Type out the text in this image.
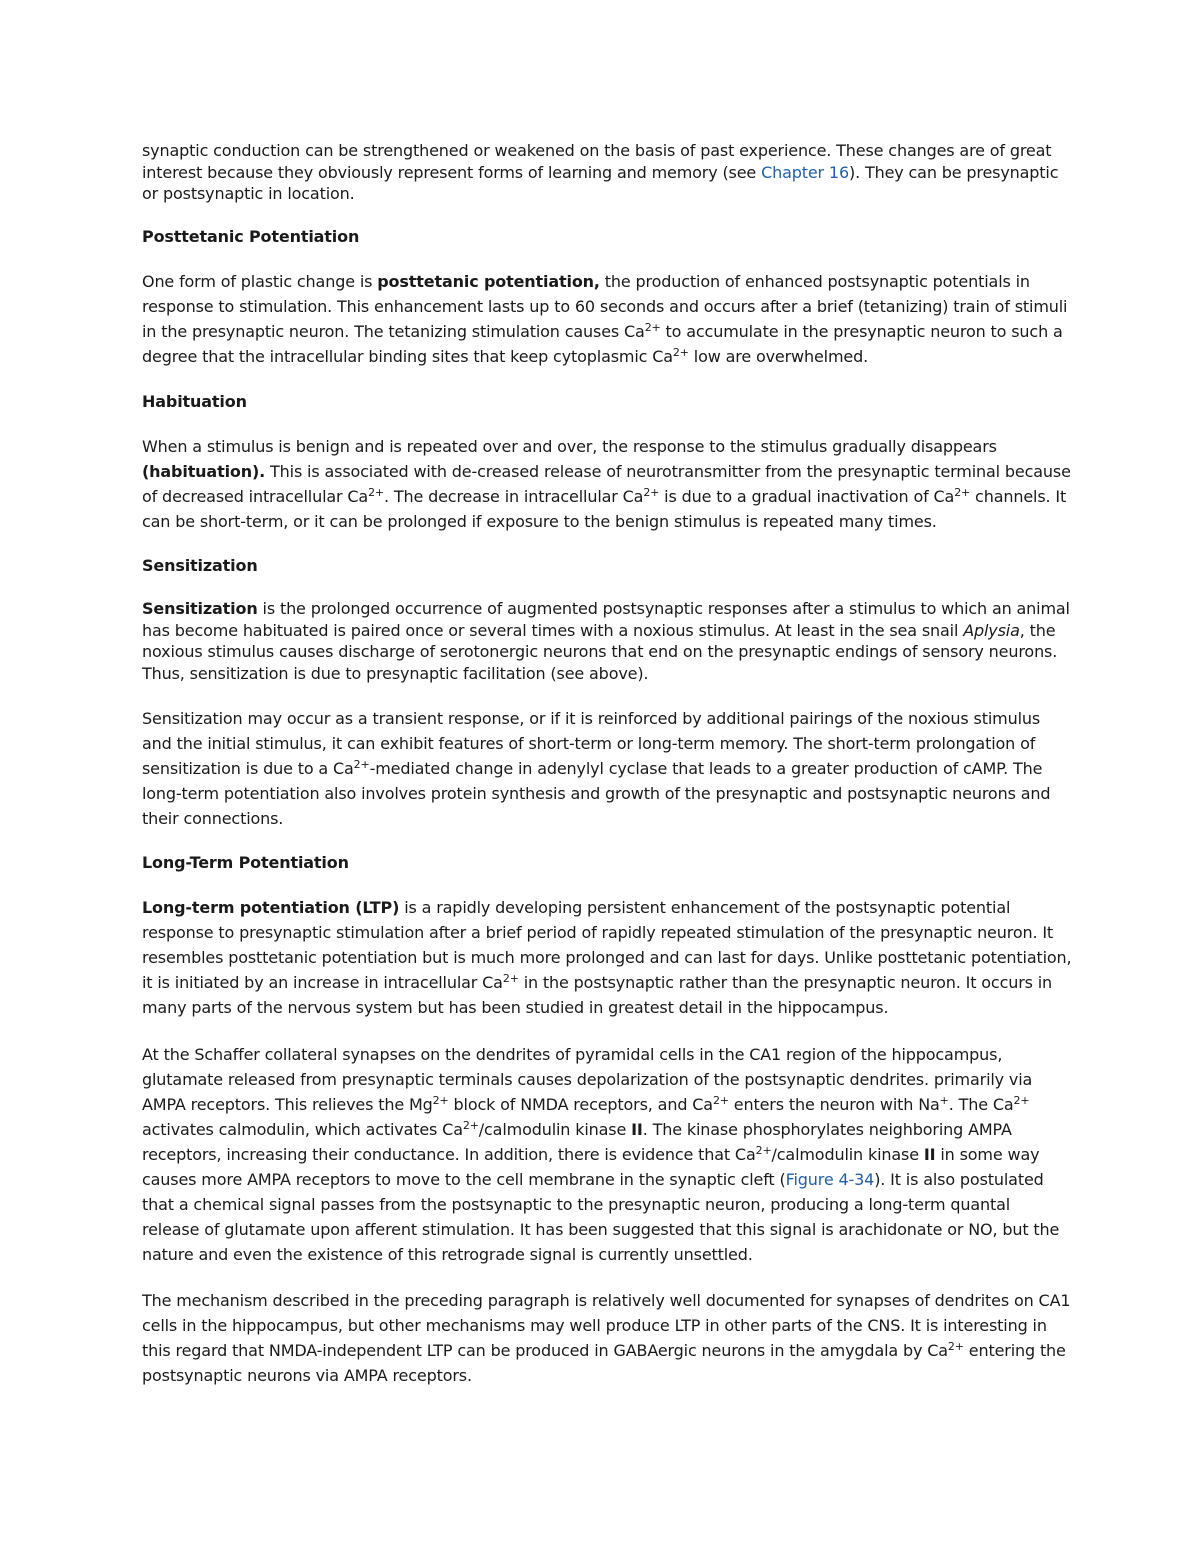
synaptic conduction can be strengthened or weakened on the basis of past experience. These changes are of great interest because they obviously represent forms of learning and memory (see Chapter 16). They can be presynaptic or postsynaptic in location.

Posttetanic Potentiation

One form of plastic change is posttetanic potentiation, the production of enhanced postsynaptic potentials in response to stimulation. This enhancement lasts up to 60 seconds and occurs after a brief (tetanizing) train of stimuli in the presynaptic neuron. The tetanizing stimulation causes $Ca^{2+}$ to accumulate in the presynaptic neuron to such a degree that the intracellular binding sites that keep cytoplasmic $Ca^{2+}$ low are overwhelmed.

Habituation

When a stimulus is benign and is repeated over and over, the response to the stimulus gradually disappears (habituation). This is associated with de-creased release of neurotransmitter from the presynaptic terminal because of decreased intracellular $Ca^{2+}$. The decrease in intracellular $Ca^{2+}$ is due to a gradual inactivation of $Ca^{2+}$ channels. It can be short-term, or it can be prolonged if exposure to the benign stimulus is repeated many times.

Sensitization

Sensitization is the prolonged occurrence of augmented postsynaptic responses after a stimulus to which an animal has become habituated is paired once or several times with a noxious stimulus. At least in the sea snail Aplysia, the noxious stimulus causes discharge of serotonergic neurons that end on the presynaptic endings of sensory neurons. Thus, sensitization is due to presynaptic facilitation (see above).

Sensitization may occur as a transient response, or if it is reinforced by additional pairings of the noxious stimulus and the initial stimulus, it can exhibit features of short-term or long-term memory. The short-term prolongation of sensitization is due to a $Ca^{2+}$-mediated change in adenylyl cyclase that leads to a greater production of cAMP. The long-term potentiation also involves protein synthesis and growth of the presynaptic and postsynaptic neurons and their connections.

Long-Term Potentiation

Long-term potentiation (LTP) is a rapidly developing persistent enhancement of the postsynaptic potential response to presynaptic stimulation after a brief period of rapidly repeated stimulation of the presynaptic neuron. It resembles posttetanic potentiation but is much more prolonged and can last for days. Unlike posttetanic potentiation, it is initiated by an increase in intracellular $Ca^{2+}$ in the postsynaptic rather than the presynaptic neuron. It occurs in many parts of the nervous system but has been studied in greatest detail in the hippocampus.

At the Schaffer collateral synapses on the dendrites of pyramidal cells in the CA1 region of the hippocampus, glutamate released from presynaptic terminals causes depolarization of the postsynaptic dendrites. primarily via AMPA receptors. This relieves the $Mg^{2+}$ block of NMDA receptors, and $Ca^{2+}$ enters the neuron with Na+. The $Ca^{2+}$ activates calmodulin, which activates $Ca^{2+}$/calmodulin kinase II. The kinase phosphorylates neighboring AMPA receptors, increasing their conductance. In addition, there is evidence that $Ca^{2+}$/calmodulin kinase II in some way causes more AMPA receptors to move to the cell membrane in the synaptic cleft (Figure 4-34). It is also postulated that a chemical signal passes from the postsynaptic to the presynaptic neuron, producing a long-term quantal release of glutamate upon afferent stimulation. It has been suggested that this signal is arachidonate or NO, but the nature and even the existence of this retrograde signal is currently unsettled.

The mechanism described in the preceding paragraph is relatively well documented for synapses of dendrites on CA1 cells in the hippocampus, but other mechanisms may well produce LTP in other parts of the CNS. It is interesting in this regard that NMDA-independent LTP can be produced in GABAergic neurons in the amygdala by $Ca^{2+}$ entering the postsynaptic neurons via AMPA receptors.
